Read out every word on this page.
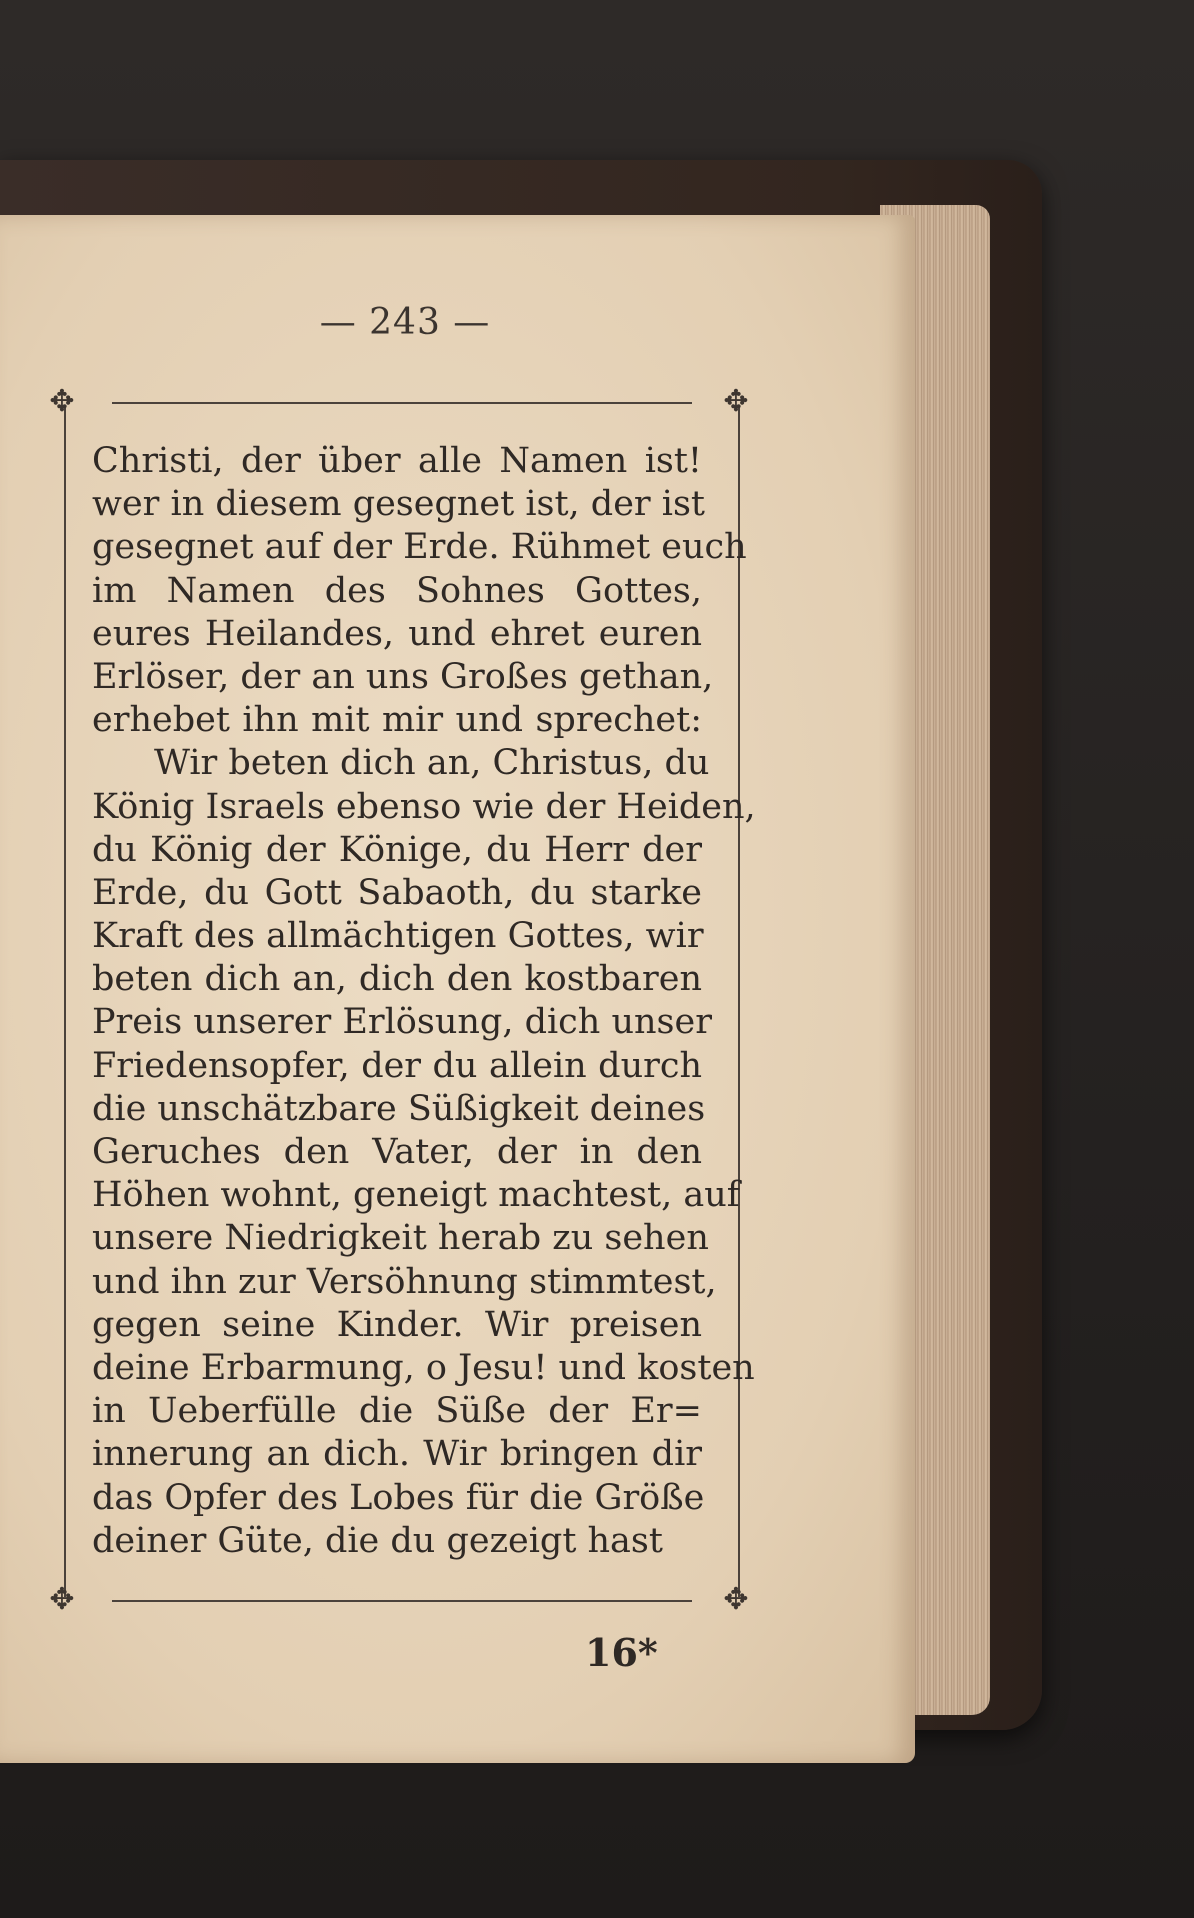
— 243 —
✥	✥
✥	✥
Christi, der über alle Namen ist!
wer in diesem gesegnet ist, der ist
gesegnet auf der Erde. Rühmet euch
im Namen des Sohnes Gottes,
eures Heilandes, und ehret euren
Erlöser, der an uns Großes gethan,
erhebet ihn mit mir und sprechet:
Wir beten dich an, Christus, du
König Israels ebenso wie der Heiden,
du König der Könige, du Herr der
Erde, du Gott Sabaoth, du starke
Kraft des allmächtigen Gottes, wir
beten dich an, dich den kostbaren
Preis unserer Erlösung, dich unser
Friedensopfer, der du allein durch
die unschätzbare Süßigkeit deines
Geruches den Vater, der in den
Höhen wohnt, geneigt machtest, auf
unsere Niedrigkeit herab zu sehen
und ihn zur Versöhnung stimmtest,
gegen seine Kinder. Wir preisen
deine Erbarmung, o Jesu! und kosten
in Ueberfülle die Süße der Er=
innerung an dich. Wir bringen dir
das Opfer des Lobes für die Größe
deiner Güte, die du gezeigt hast
16*
